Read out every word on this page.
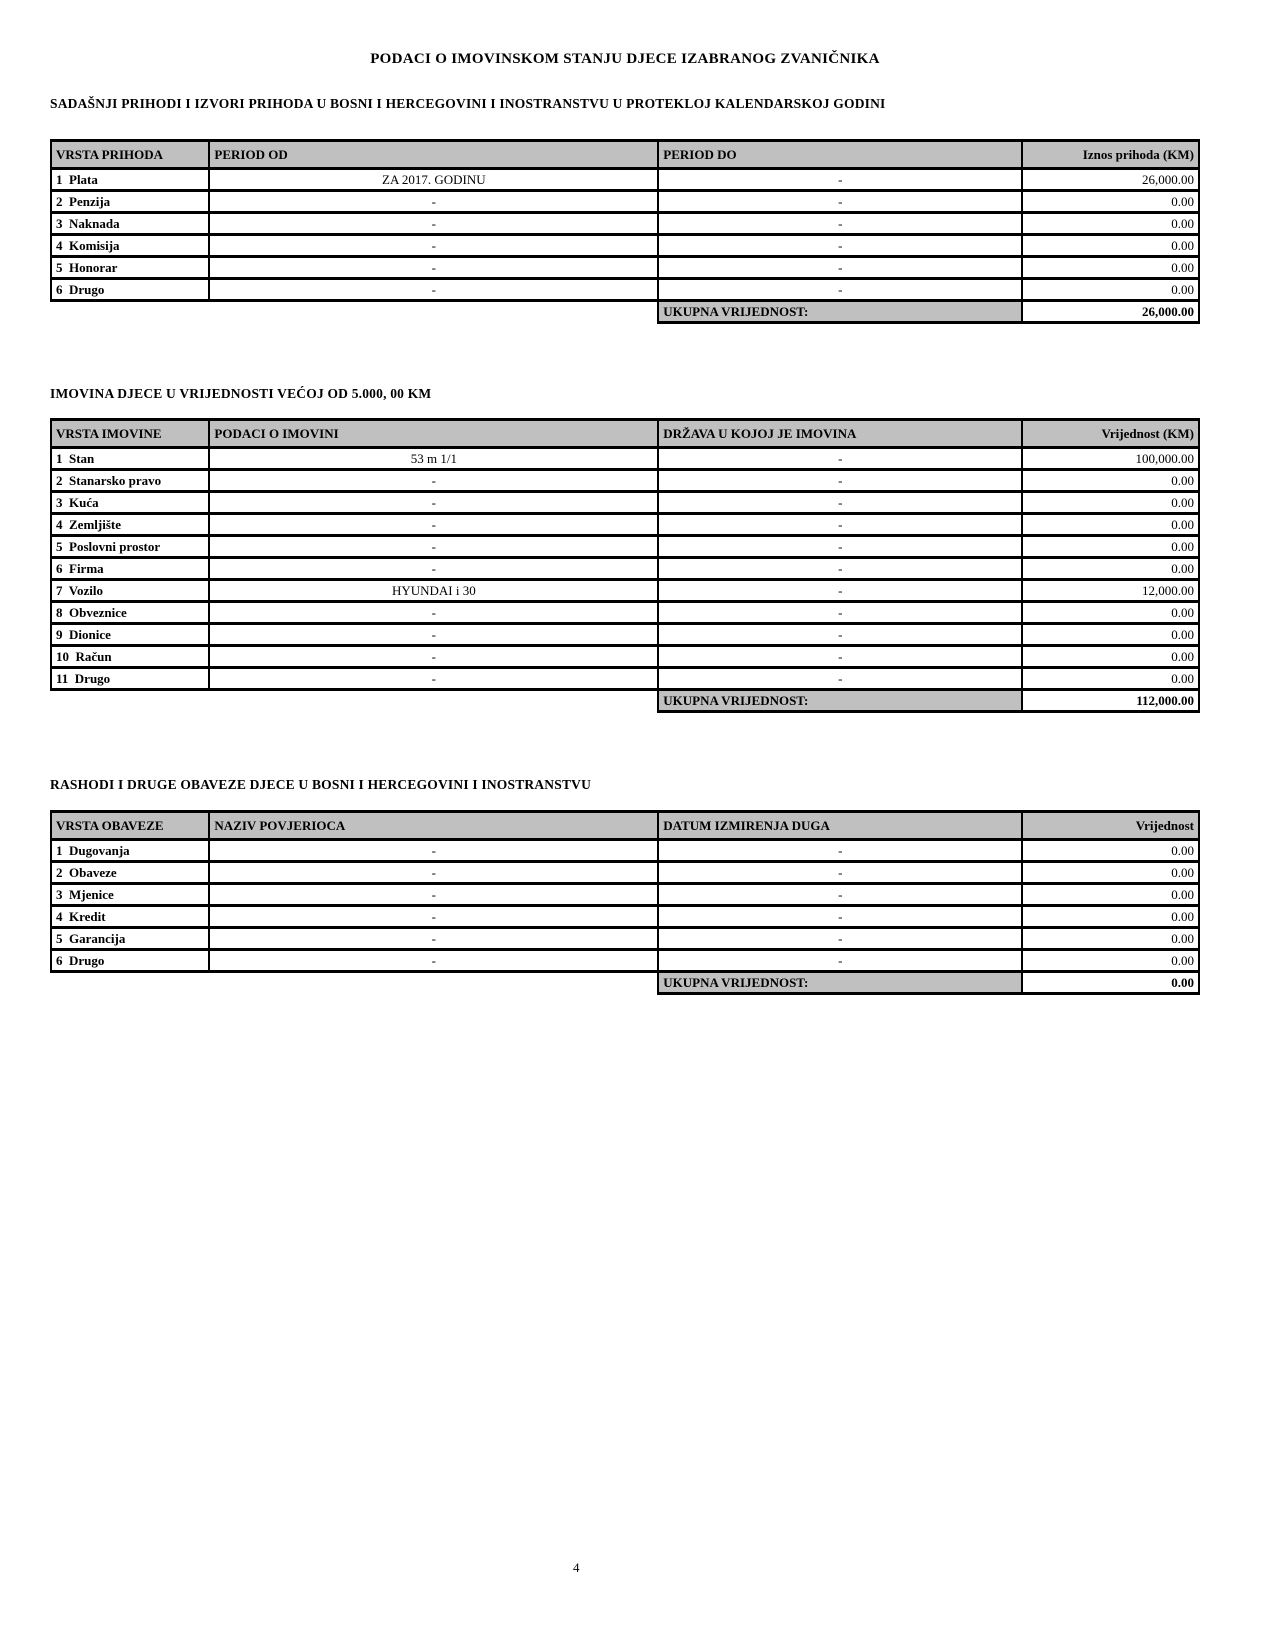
PODACI O IMOVINSKOM STANJU DJECE IZABRANOG ZVANIČNIKA
SADAŠNJI PRIHODI I IZVORI PRIHODA U BOSNI I HERCEGOVINI I INOSTRANSTVU U PROTEKLOJ KALENDARSKOJ GODINI
VRSTA PRIHODA	PERIOD OD	PERIOD DO	Iznos prihoda (KM)
1  Plata	ZA 2017. GODINU	-	26,000.00
2  Penzija	-	-	0.00
3  Naknada	-	-	0.00
4  Komisija	-	-	0.00
5  Honorar	-	-	0.00
6  Drugo	-	-	0.00
		UKUPNA VRIJEDNOST:	26,000.00
IMOVINA DJECE U VRIJEDNOSTI VEĆOJ OD 5.000, 00 KM
VRSTA IMOVINE	PODACI O IMOVINI	DRŽAVA U KOJOJ JE IMOVINA	Vrijednost (KM)
1  Stan	53 m 1/1	-	100,000.00
2  Stanarsko pravo	-	-	0.00
3  Kuća	-	-	0.00
4  Zemljište	-	-	0.00
5  Poslovni prostor	-	-	0.00
6  Firma	-	-	0.00
7  Vozilo	HYUNDAI i 30	-	12,000.00
8  Obveznice	-	-	0.00
9  Dionice	-	-	0.00
10  Račun	-	-	0.00
11  Drugo	-	-	0.00
		UKUPNA VRIJEDNOST:	112,000.00
RASHODI I DRUGE OBAVEZE DJECE U BOSNI I HERCEGOVINI I INOSTRANSTVU
VRSTA OBAVEZE	NAZIV POVJERIOCA	DATUM IZMIRENJA DUGA	Vrijednost
1  Dugovanja	-	-	0.00
2  Obaveze	-	-	0.00
3  Mjenice	-	-	0.00
4  Kredit	-	-	0.00
5  Garancija	-	-	0.00
6  Drugo	-	-	0.00
		UKUPNA VRIJEDNOST:	0.00
4
